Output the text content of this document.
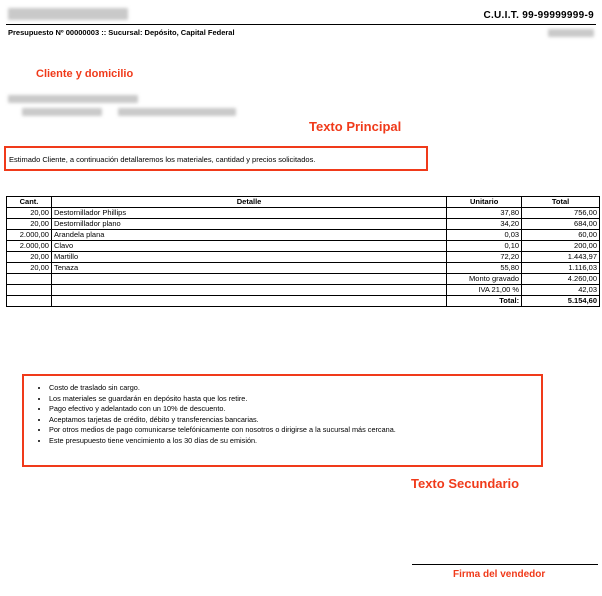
C.U.I.T. 99-99999999-9
Presupuesto Nº 00000003 :: Sucursal: Depósito, Capital Federal
Cliente y domicilio
Texto Principal
Estimado Cliente, a continuación detallaremos los materiales, cantidad y precios solicitados.
Cant.	Detalle	Unitario	Total
20,00	Destornillador Phillips	37,80	756,00
20,00	Destornillador plano	34,20	684,00
2.000,00	Arandela plana	0,03	60,00
2.000,00	Clavo	0,10	200,00
20,00	Martillo	72,20	1.443,97
20,00	Tenaza	55,80	1.116,03
		Monto gravado	4.260,00
		IVA 21,00 %	42,03
		Total:	5.154,60
• Costo de traslado sin cargo.
• Los materiales se guardarán en depósito hasta que los retire.
• Pago efectivo y adelantado con un 10% de descuento.
• Aceptamos tarjetas de crédito, débito y transferencias bancarias.
• Por otros medios de pago comunicarse telefónicamente con nosotros o dirigirse a la sucursal más cercana.
• Este presupuesto tiene vencimiento a los 30 días de su emisión.
Texto Secundario
Firma del vendedor
